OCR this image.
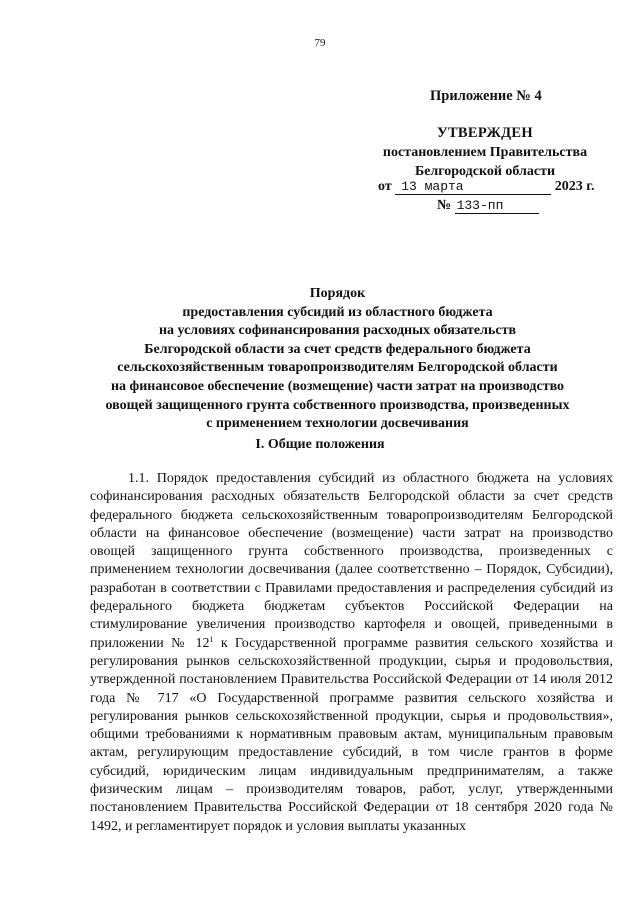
79
Приложение № 4
УТВЕРЖДЕН
постановлением Правительства
Белгородской области
от 13 марта	2023 г.
№ 133-пп
Порядок
предоставления субсидий из областного бюджета
на условиях софинансирования расходных обязательств
Белгородской области за счет средств федерального бюджета
сельскохозяйственным товаропроизводителям Белгородской области
на финансовое обеспечение (возмещение) части затрат на производство
овощей защищенного грунта собственного производства, произведенных
с применением технологии досвечивания
I. Общие положения

1.1. Порядок предоставления субсидий из областного бюджета на условиях софинансирования расходных обязательств Белгородской области за счет средств федерального бюджета сельскохозяйственным товаропроизводителям Белгородской области на финансовое обеспечение (возмещение) части затрат на производство овощей защищенного грунта собственного производства, произведенных с применением технологии досвечивания (далее соответственно – Порядок, Субсидии), разработан в соответствии с Правилами предоставления и распределения субсидий из федерального бюджета бюджетам субъектов Российской Федерации на стимулирование увеличения производство картофеля и овощей, приведенными в приложении № $12^1$ к Государственной программе развития сельского хозяйства и регулирования рынков сельскохозяйственной продукции, сырья и продовольствия, утвержденной постановлением Правительства Российской Федерации от 14 июля 2012 года № 717 «О Государственной программе развития сельского хозяйства и регулирования рынков сельскохозяйственной продукции, сырья и продовольствия», общими требованиями к нормативным правовым актам, муниципальным правовым актам, регулирующим предоставление субсидий, в том числе грантов в форме субсидий, юридическим лицам индивидуальным предпринимателям, а также физическим лицам – производителям товаров, работ, услуг, утвержденными постановлением Правительства Российской Федерации от 18 сентября 2020 года № 1492, и регламентирует порядок и условия выплаты указанных
